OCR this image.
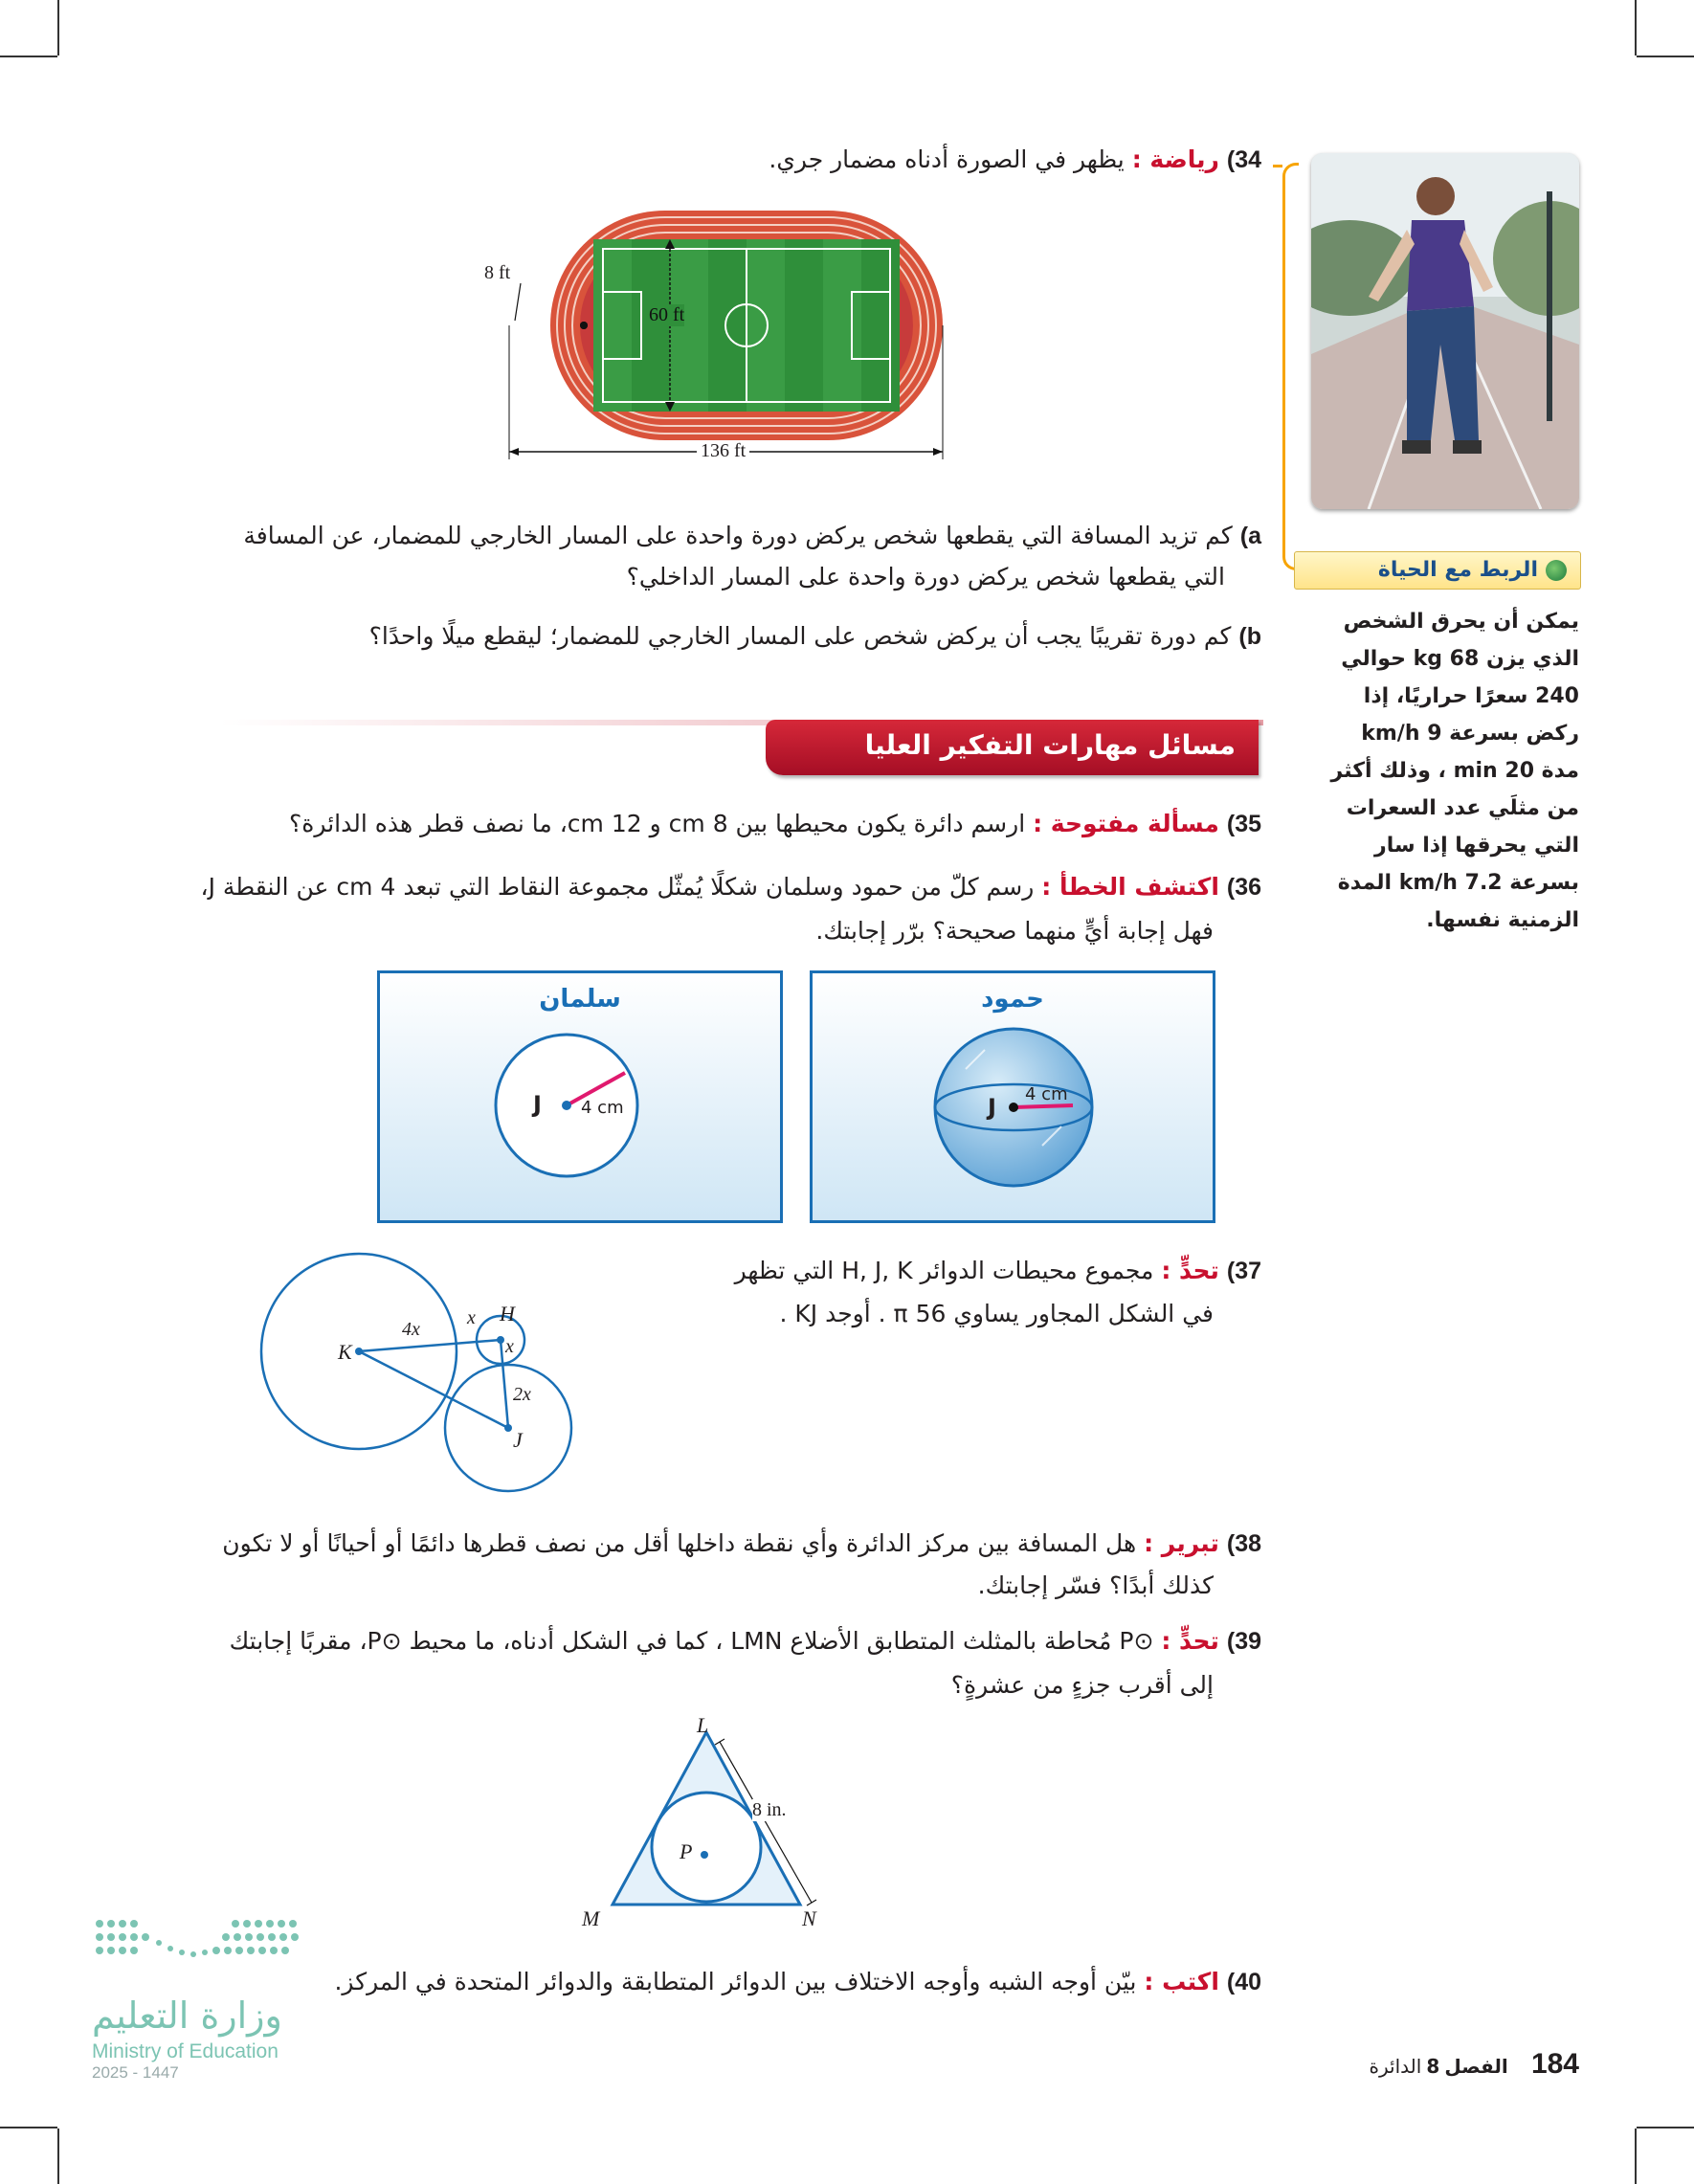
الربط مع الحياة
يمكن أن يحرق الشخص
الذي يزن 68 kg حوالي
240 سعرًا حراريًا، إذا
ركض بسرعة 9 km/h
مدة 20 min ، وذلك أكثر
من مثلَي عدد السعرات
التي يحرقها إذا سار
بسرعة 7.2 km/h المدة
الزمنية نفسها.
34) رياضة : يظهر في الصورة أدناه مضمار جري.
8 ft
60 ft
136 ft
a) كم تزيد المسافة التي يقطعها شخص يركض دورة واحدة على المسار الخارجي للمضمار، عن المسافة
التي يقطعها شخص يركض دورة واحدة على المسار الداخلي؟
b) كم دورة تقريبًا يجب أن يركض شخص على المسار الخارجي للمضمار؛ ليقطع ميلًا واحدًا؟
مسائل مهارات التفكير العليا
35) مسألة مفتوحة : ارسم دائرة يكون محيطها بين 8 cm و 12 cm، ما نصف قطر هذه الدائرة؟
36) اكتشف الخطأ : رسم كلّ من حمود وسلمان شكلًا يُمثّل مجموعة النقاط التي تبعد 4 cm عن النقطة J،
فهل إجابة أيٍّ منهما صحيحة؟ برّر إجابتك.
سلمان
J 4 cm
حمود
J 4 cm
37) تحدٍّ : مجموع محيطات الدوائر H, J, K التي تظهر
في الشكل المجاور يساوي 56 π . أوجد KJ .
K
H
J
4x
x
x
2x
38) تبرير : هل المسافة بين مركز الدائرة وأي نقطة داخلها أقل من نصف قطرها دائمًا أو أحيانًا أو لا تكون
كذلك أبدًا؟ فسّر إجابتك.
39) تحدٍّ : ⊙P مُحاطة بالمثلث المتطابق الأضلاع LMN ، كما في الشكل أدناه، ما محيط ⊙P، مقربًا إجابتك
إلى أقرب جزءٍ من عشرةٍ؟
L
M	N
P
8 in.
40) اكتب : بيّن أوجه الشبه وأوجه الاختلاف بين الدوائر المتطابقة والدوائر المتحدة في المركز.
وزارة التعليم
Ministry of Education
2025 - 1447	184  الفصل 8 الدائرة
